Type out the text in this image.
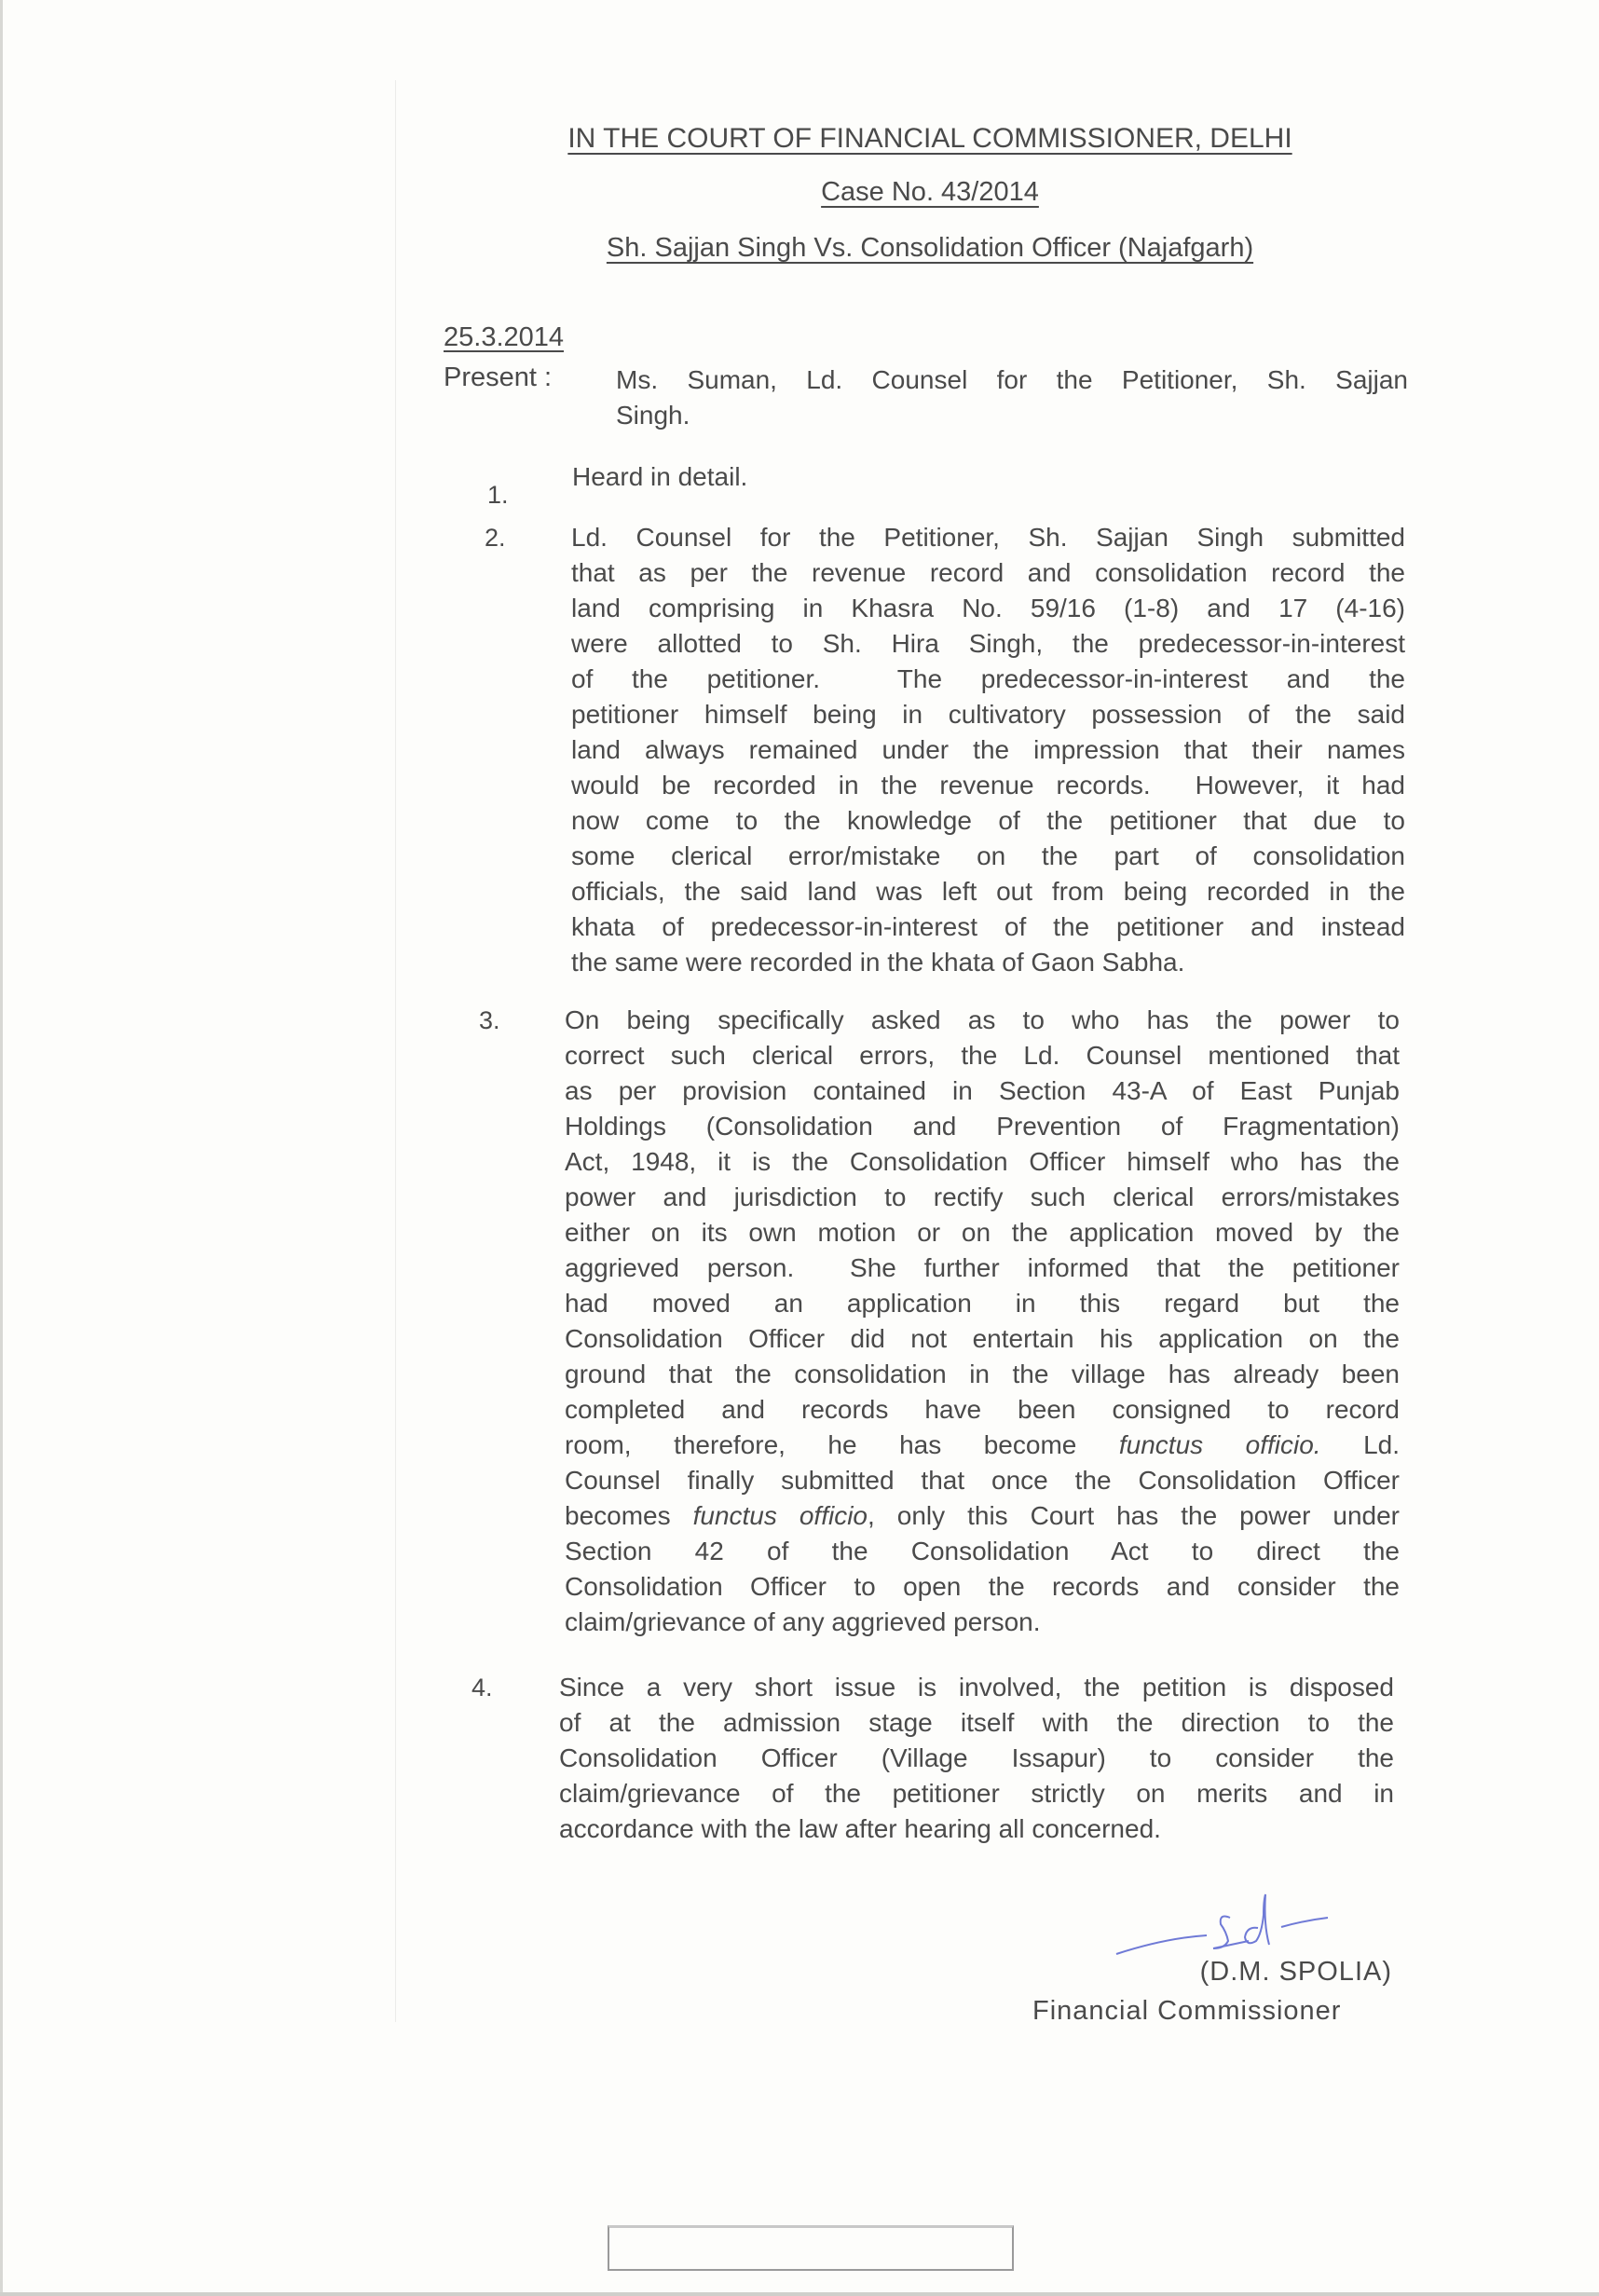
IN THE COURT OF FINANCIAL COMMISSIONER, DELHI
Case No. 43/2014
Sh. Sajjan Singh Vs. Consolidation Officer (Najafgarh)
25.3.2014
Present : Ms. Suman, Ld. Counsel for the Petitioner, Sh. Sajjan
Singh.
1.
Heard in detail.
2.	Ld. Counsel for the Petitioner, Sh. Sajjan Singh submitted
that as per the revenue record and consolidation record the
land comprising in Khasra No. 59/16 (1-8) and 17 (4-16)
were allotted to Sh. Hira Singh, the predecessor-in-interest
of the petitioner.  The predecessor-in-interest and the
petitioner himself being in cultivatory possession of the said
land always remained under the impression that their names
would be recorded in the revenue records.  However, it had
now come to the knowledge of the petitioner that due to
some clerical error/mistake on the part of consolidation
officials, the said land was left out from being recorded in the
khata of predecessor-in-interest of the petitioner and instead
the same were recorded in the khata of Gaon Sabha.
3. On being specifically asked as to who has the power to
correct such clerical errors, the Ld. Counsel mentioned that
as per provision contained in Section 43-A of East Punjab
Holdings (Consolidation and Prevention of Fragmentation)
Act, 1948, it is the Consolidation Officer himself who has the
power and jurisdiction to rectify such clerical errors/mistakes
either on its own motion or on the application moved by the
aggrieved person.  She further informed that the petitioner
had moved an application in this regard but the
Consolidation Officer did not entertain his application on the
ground that the consolidation in the village has already been
completed and records have been consigned to record
room, therefore, he has become functus officio. Ld.
Counsel finally submitted that once the Consolidation Officer
becomes functus officio, only this Court has the power under
Section 42 of the Consolidation Act to direct the
Consolidation Officer to open the records and consider the
claim/grievance of any aggrieved person.
4.	Since a very short issue is involved, the petition is disposed
of at the admission stage itself with the direction to the
Consolidation Officer (Village Issapur) to consider the
claim/grievance of the petitioner strictly on merits and in
accordance with the law after hearing all concerned.
(D.M. SPOLIA)
Financial Commissioner
